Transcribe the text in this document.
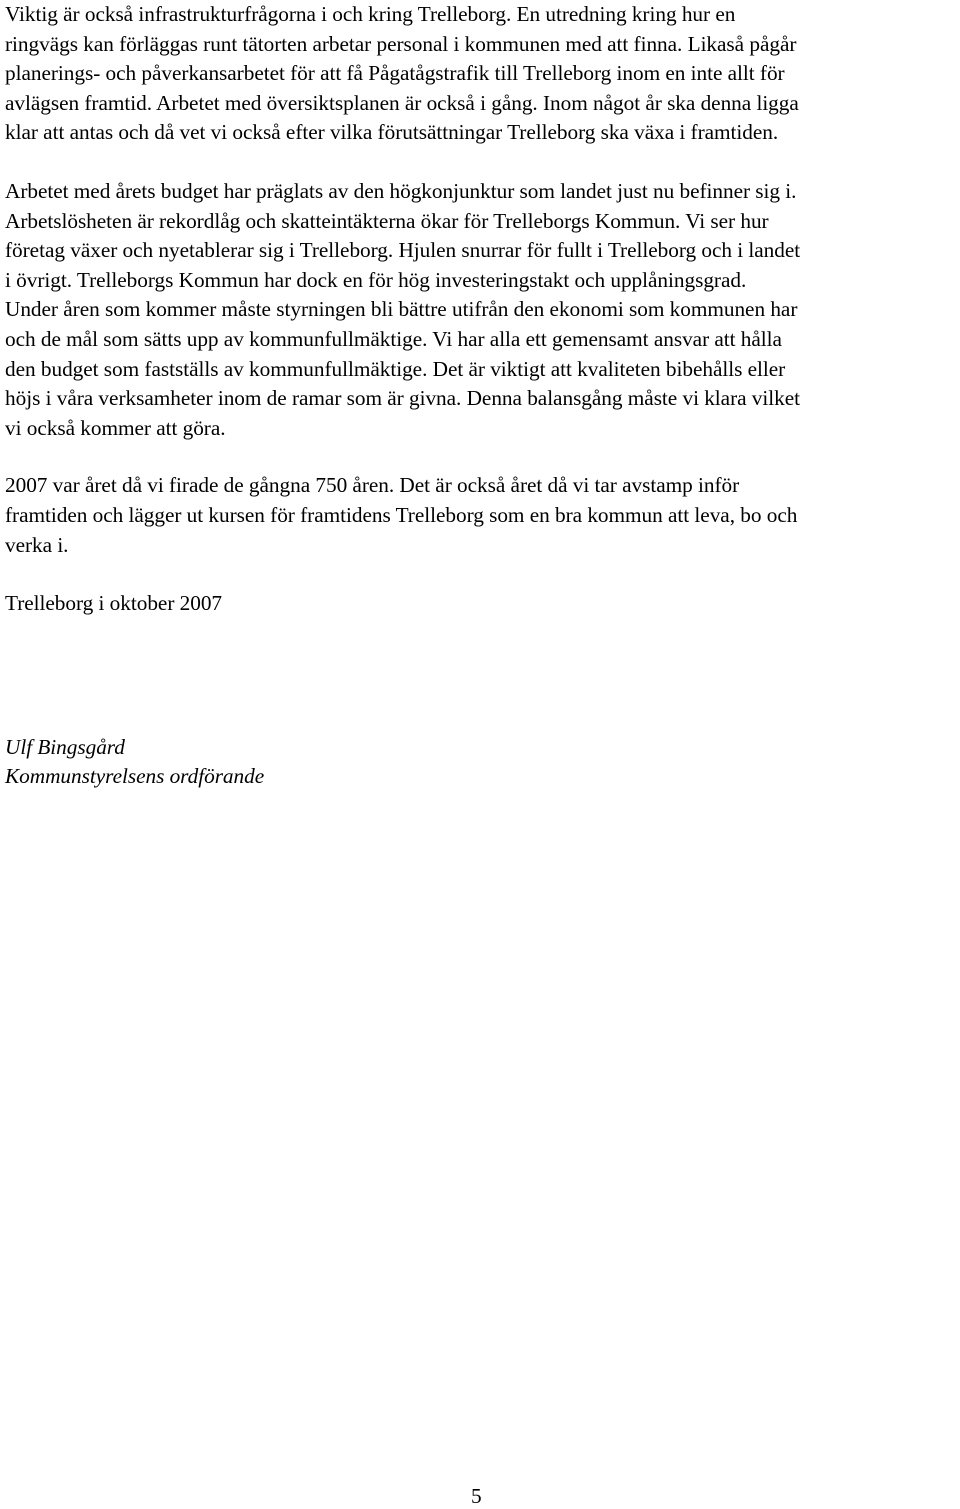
Viktig är också infrastrukturfrågorna i och kring Trelleborg. En utredning kring hur en
ringvägs kan förläggas runt tätorten arbetar personal i kommunen med att finna. Likaså pågår
planerings- och påverkansarbetet för att få Pågatågstrafik till Trelleborg inom en inte allt för
avlägsen framtid. Arbetet med översiktsplanen är också i gång. Inom något år ska denna ligga
klar att antas och då vet vi också efter vilka förutsättningar Trelleborg ska växa i framtiden.

Arbetet med årets budget har präglats av den högkonjunktur som landet just nu befinner sig i.
Arbetslösheten är rekordlåg och skatteintäkterna ökar för Trelleborgs Kommun. Vi ser hur
företag växer och nyetablerar sig i Trelleborg. Hjulen snurrar för fullt i Trelleborg och i landet
i övrigt. Trelleborgs Kommun har dock en för hög investeringstakt och upplåningsgrad.
Under åren som kommer måste styrningen bli bättre utifrån den ekonomi som kommunen har
och de mål som sätts upp av kommunfullmäktige. Vi har alla ett gemensamt ansvar att hålla
den budget som fastställs av kommunfullmäktige. Det är viktigt att kvaliteten bibehålls eller
höjs i våra verksamheter inom de ramar som är givna. Denna balansgång måste vi klara vilket
vi också kommer att göra.

2007 var året då vi firade de gångna 750 åren. Det är också året då vi tar avstamp inför
framtiden och lägger ut kursen för framtidens Trelleborg som en bra kommun att leva, bo och
verka i.

Trelleborg i oktober 2007

Ulf Bingsgård
Kommunstyrelsens ordförande

5
